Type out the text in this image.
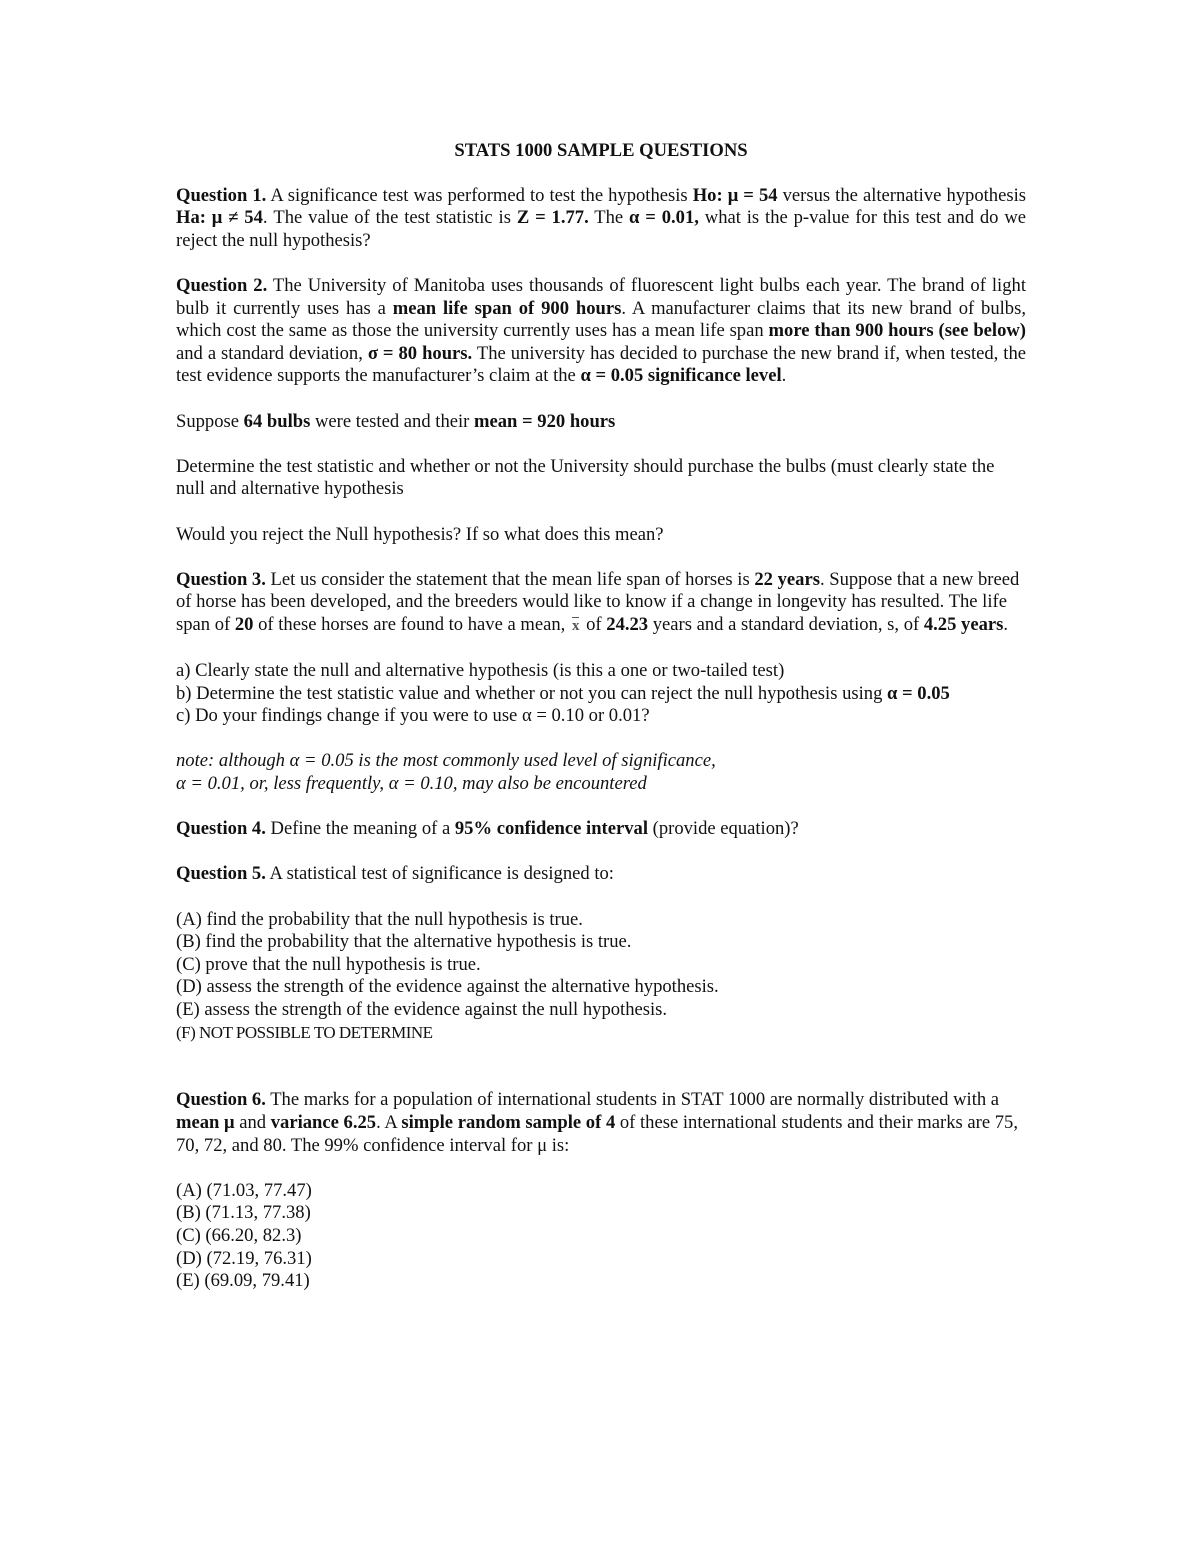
STATS 1000 SAMPLE QUESTIONS

Question 1. A significance test was performed to test the hypothesis Ho: μ = 54 versus the alternative hypothesis Ha: μ ≠ 54. The value of the test statistic is Z = 1.77. The α = 0.01, what is the p-value for this test and do we reject the null hypothesis?

Question 2. The University of Manitoba uses thousands of fluorescent light bulbs each year. The brand of light bulb it currently uses has a mean life span of 900 hours. A manufacturer claims that its new brand of bulbs, which cost the same as those the university currently uses has a mean life span more than 900 hours (see below) and a standard deviation, σ = 80 hours. The university has decided to purchase the new brand if, when tested, the test evidence supports the manufacturer’s claim at the α = 0.05 significance level.

Suppose 64 bulbs were tested and their mean = 920 hours

Determine the test statistic and whether or not the University should purchase the bulbs (must clearly state the null and alternative hypothesis

Would you reject the Null hypothesis? If so what does this mean?

Question 3. Let us consider the statement that the mean life span of horses is 22 years. Suppose that a new breed of horse has been developed, and the breeders would like to know if a change in longevity has resulted. The life span of 20 of these horses are found to have a mean, x of 24.23 years and a standard deviation, s, of 4.25 years.

a) Clearly state the null and alternative hypothesis (is this a one or two-tailed test)
b) Determine the test statistic value and whether or not you can reject the null hypothesis using α = 0.05
c) Do your findings change if you were to use α = 0.10 or 0.01?

note: although α = 0.05 is the most commonly used level of significance,
α = 0.01, or, less frequently, α = 0.10, may also be encountered

Question 4. Define the meaning of a 95% confidence interval (provide equation)?

Question 5. A statistical test of significance is designed to:

(A) find the probability that the null hypothesis is true.
(B) find the probability that the alternative hypothesis is true.
(C) prove that the null hypothesis is true.
(D) assess the strength of the evidence against the alternative hypothesis.
(E) assess the strength of the evidence against the null hypothesis.
(F) NOT POSSIBLE TO DETERMINE

Question 6. The marks for a population of international students in STAT 1000 are normally distributed with a mean μ and variance 6.25. A simple random sample of 4 of these international students and their marks are 75, 70, 72, and 80. The 99% confidence interval for μ is:

(A) (71.03, 77.47)
(B) (71.13, 77.38)
(C) (66.20, 82.3)
(D) (72.19, 76.31)
(E) (69.09, 79.41)
